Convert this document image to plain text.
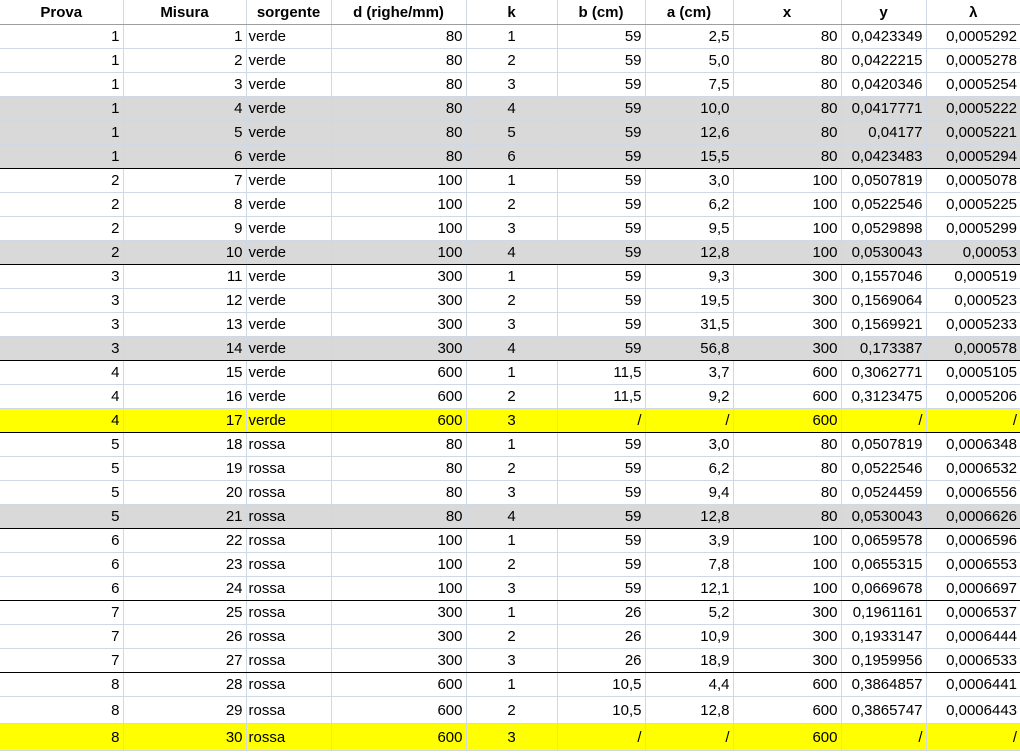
Prova	Misura	sorgente	d (righe/mm)	k	b (cm)	a (cm)	x	y	λ
1	1	verde	80	1	59	2,5	80	0,0423349	0,0005292
1	2	verde	80	2	59	5,0	80	0,0422215	0,0005278
1	3	verde	80	3	59	7,5	80	0,0420346	0,0005254
1	4	verde	80	4	59	10,0	80	0,0417771	0,0005222
1	5	verde	80	5	59	12,6	80	0,04177	0,0005221
1	6	verde	80	6	59	15,5	80	0,0423483	0,0005294
2	7	verde	100	1	59	3,0	100	0,0507819	0,0005078
2	8	verde	100	2	59	6,2	100	0,0522546	0,0005225
2	9	verde	100	3	59	9,5	100	0,0529898	0,0005299
2	10	verde	100	4	59	12,8	100	0,0530043	0,00053
3	11	verde	300	1	59	9,3	300	0,1557046	0,000519
3	12	verde	300	2	59	19,5	300	0,1569064	0,000523
3	13	verde	300	3	59	31,5	300	0,1569921	0,0005233
3	14	verde	300	4	59	56,8	300	0,173387	0,000578
4	15	verde	600	1	11,5	3,7	600	0,3062771	0,0005105
4	16	verde	600	2	11,5	9,2	600	0,3123475	0,0005206
4	17	verde	600	3	/	/	600	/	/
5	18	rossa	80	1	59	3,0	80	0,0507819	0,0006348
5	19	rossa	80	2	59	6,2	80	0,0522546	0,0006532
5	20	rossa	80	3	59	9,4	80	0,0524459	0,0006556
5	21	rossa	80	4	59	12,8	80	0,0530043	0,0006626
6	22	rossa	100	1	59	3,9	100	0,0659578	0,0006596
6	23	rossa	100	2	59	7,8	100	0,0655315	0,0006553
6	24	rossa	100	3	59	12,1	100	0,0669678	0,0006697
7	25	rossa	300	1	26	5,2	300	0,1961161	0,0006537
7	26	rossa	300	2	26	10,9	300	0,1933147	0,0006444
7	27	rossa	300	3	26	18,9	300	0,1959956	0,0006533
8	28	rossa	600	1	10,5	4,4	600	0,3864857	0,0006441
8	29	rossa	600	2	10,5	12,8	600	0,3865747	0,0006443
8	30	rossa	600	3	/	/	600	/	/
